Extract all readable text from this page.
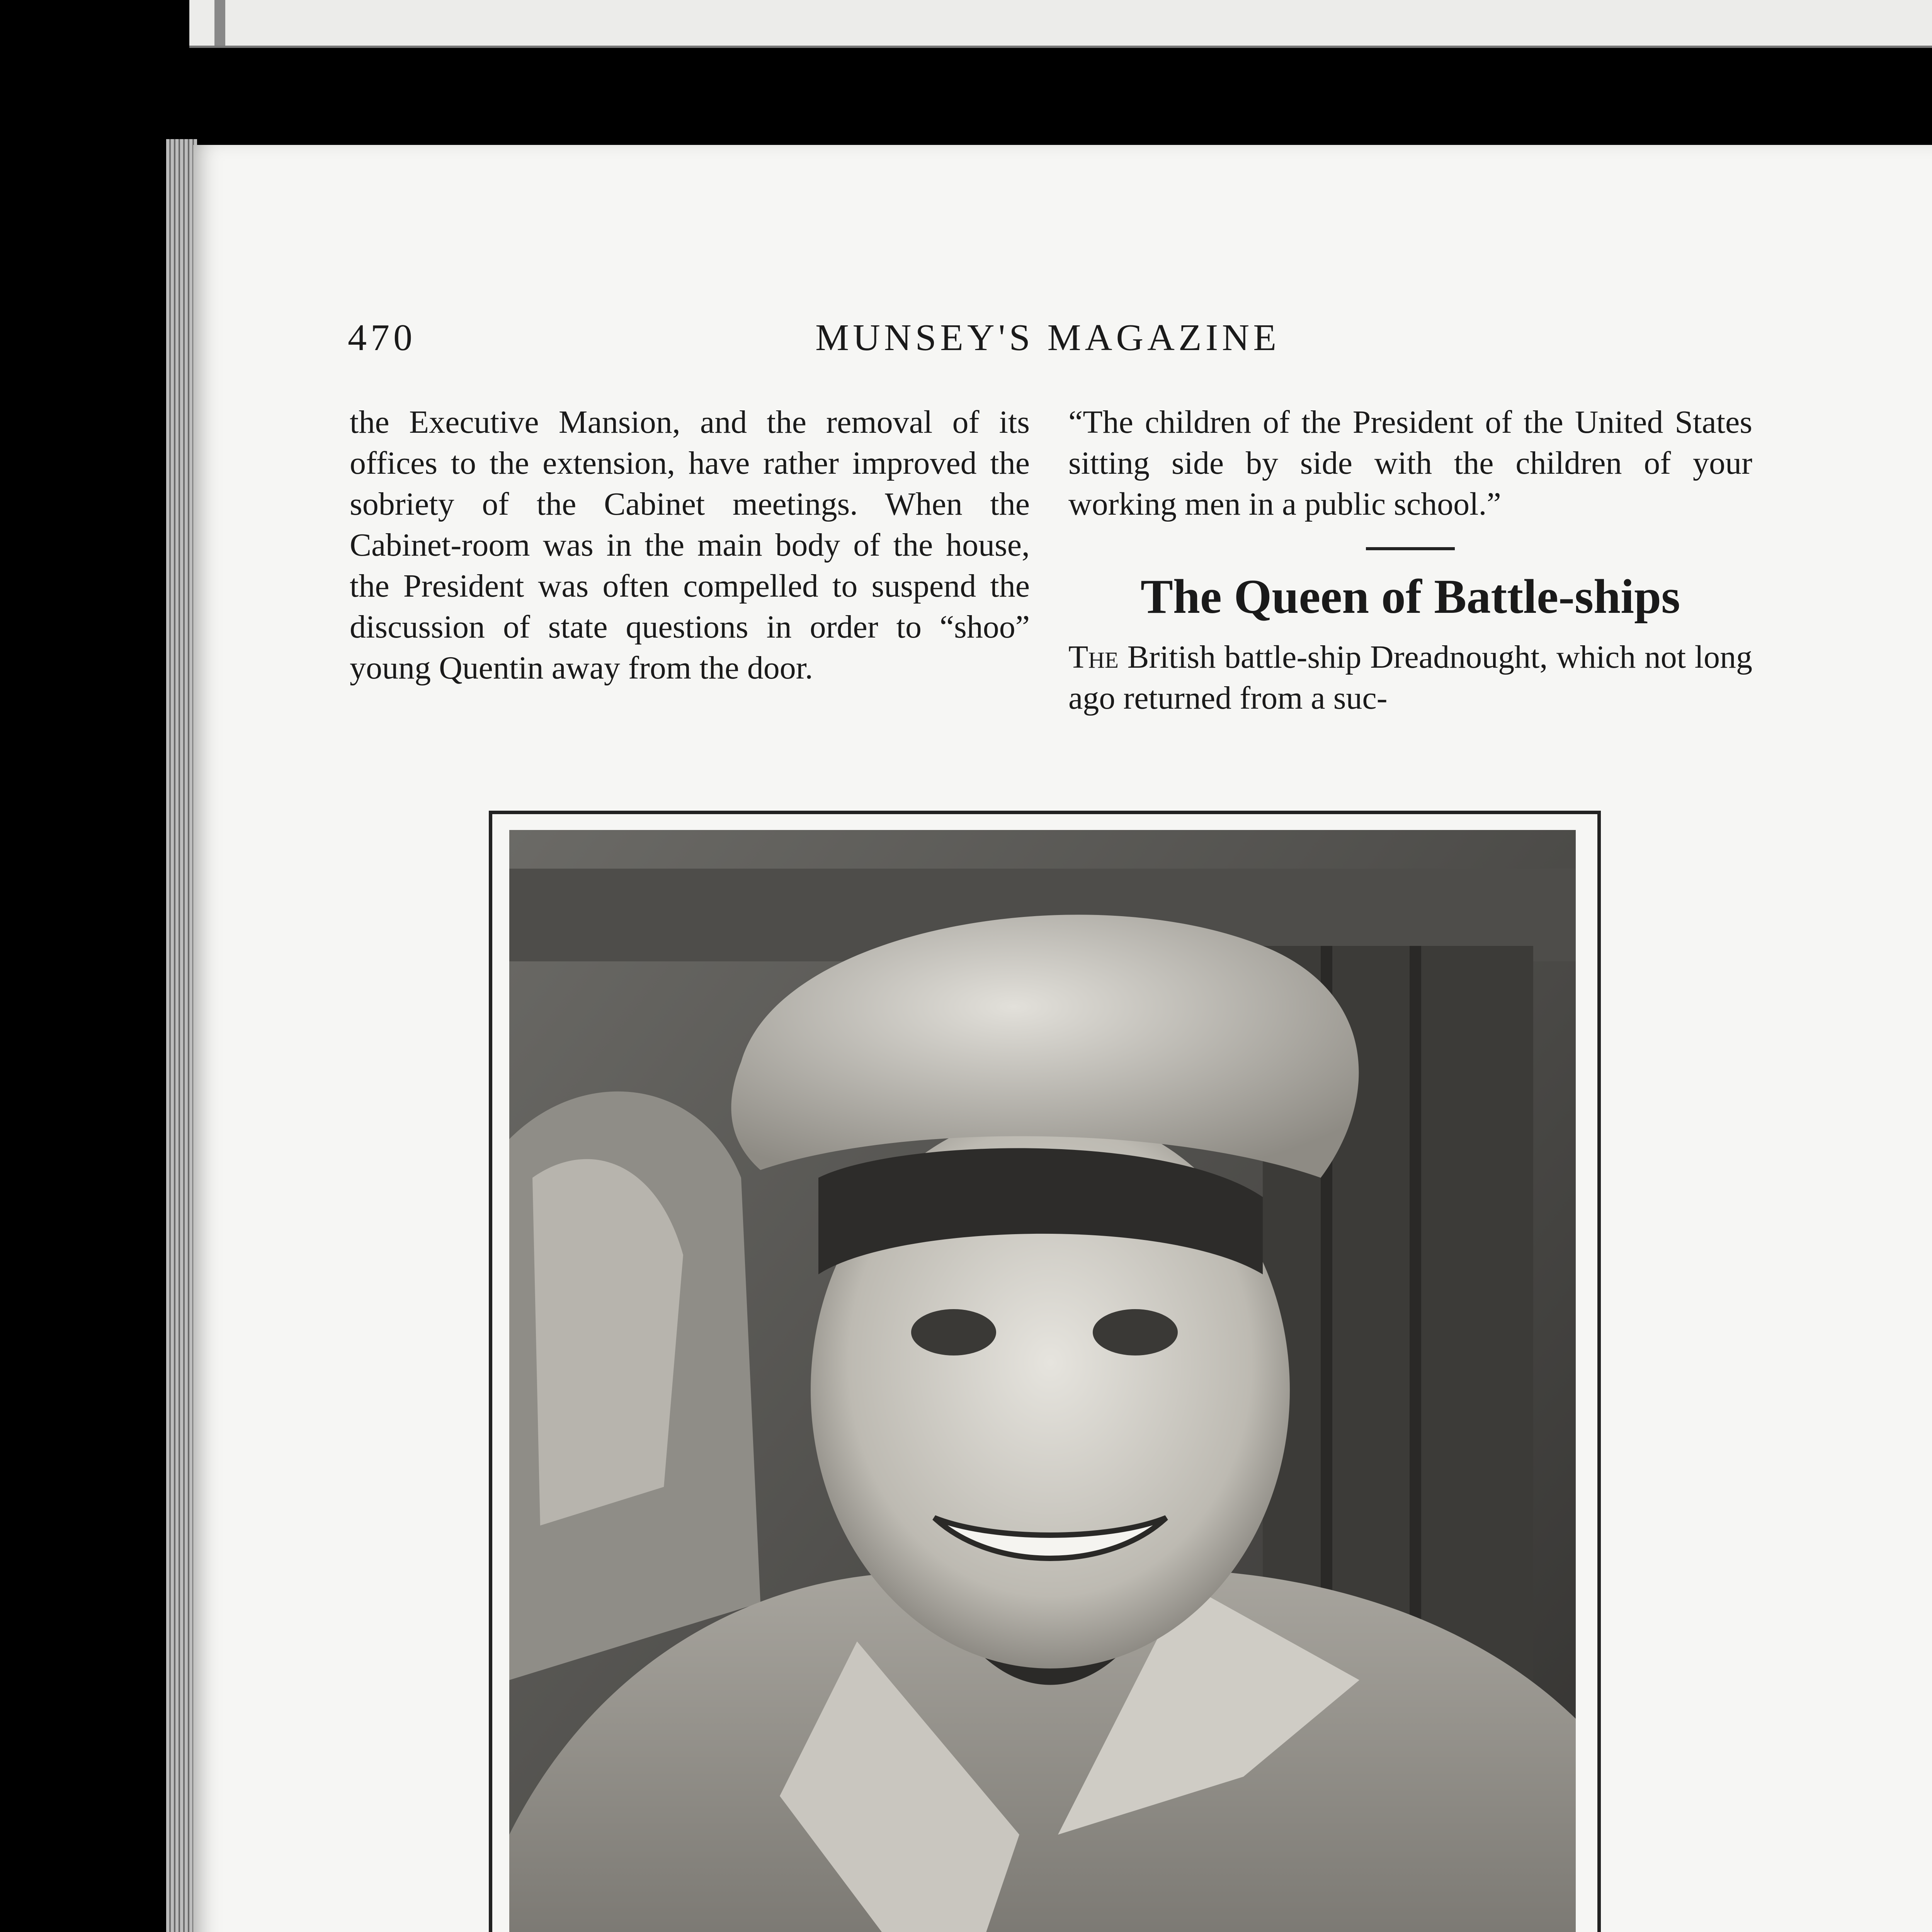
470	MUNSEY'S MAGAZINE

the Executive Mansion, and the removal of its offices to the extension, have rather improved the sobriety of the Cabinet meetings. When the Cabinet-room was in the main body of the house, the President was often compelled to suspend the discussion of state questions in order to “shoo” young Quentin away from the door.

“The children of the President of the United States sitting side by side with the children of your working men in a public school.”

The Queen of Battle-ships

The British battle-ship Dreadnought, which not long ago returned from a suc-
